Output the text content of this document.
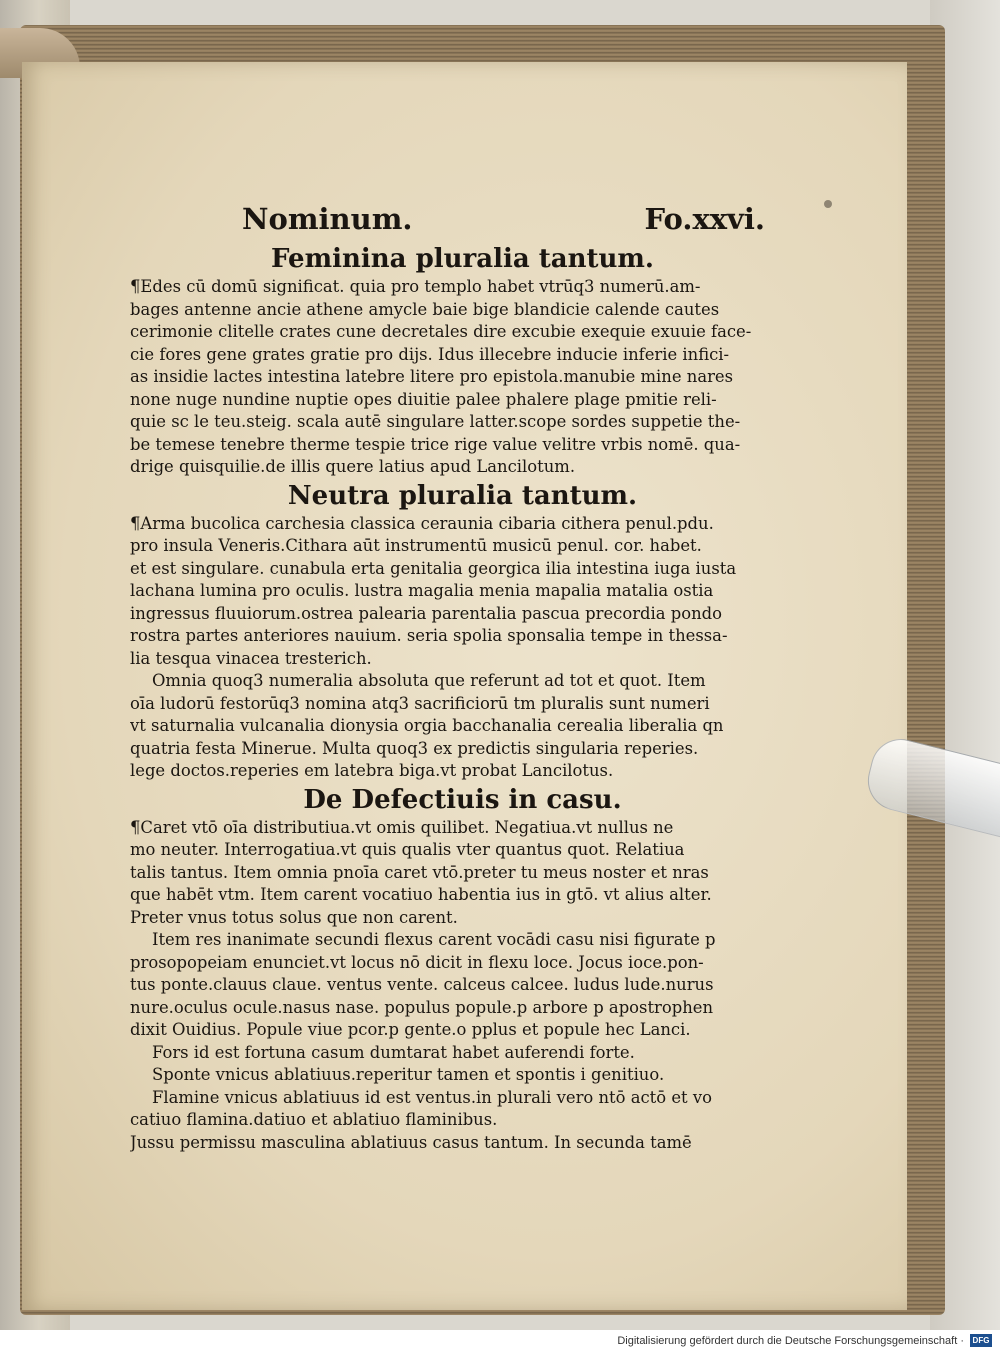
Nominum.	Fo.xxvi.
Feminina pluralia tantum.
¶Edes cū domū significat. quia pro templo habet vtrūq3 numerū.am-
bages antenne ancie athene amycle baie bige blandicie calende cautes
cerimonie clitelle crates cune decretales dire excubie exequie exuuie face-
cie fores gene grates gratie pro dijs. Idus illecebre inducie inferie infici-
as insidie lactes intestina latebre litere pro epistola.manubie mine nares
none nuge nundine nuptie opes diuitie palee phalere plage pmitie reli-
quie sc le teu.steig. scala autē singulare latter.scope sordes suppetie the-
be temese tenebre therme tespie trice rige value velitre vrbis nomē. qua-
drige quisquilie.de illis quere latius apud Lancilotum.
Neutra pluralia tantum.
¶Arma bucolica carchesia classica ceraunia cibaria cithera penul.pdu.
pro insula Veneris.Cithara aūt instrumentū musicū penul. cor. habet.
et est singulare. cunabula erta genitalia georgica ilia intestina iuga iusta
lachana lumina pro oculis. lustra magalia menia mapalia matalia ostia
ingressus fluuiorum.ostrea palearia parentalia pascua precordia pondo
rostra partes anteriores nauium. seria spolia sponsalia tempe in thessa-
lia tesqua vinacea tresterich.
Omnia quoq3 numeralia absoluta que referunt ad tot et quot. Item
oīa ludorū festorūq3 nomina atq3 sacrificiorū tm pluralis sunt numeri
vt saturnalia vulcanalia dionysia orgia bacchanalia cerealia liberalia qn
quatria festa Minerue. Multa quoq3 ex predictis singularia reperies.
lege doctos.reperies em latebra biga.vt probat Lancilotus.
De Defectiuis in casu.
¶Caret vtō oīa distributiua.vt omis quilibet. Negatiua.vt nullus ne
mo neuter. Interrogatiua.vt quis qualis vter quantus quot. Relatiua
talis tantus. Item omnia pnoīa caret vtō.preter tu meus noster et nras
que habēt vtm. Item carent vocatiuo habentia ius in gtō. vt alius alter.
Preter vnus totus solus que non carent.
Item res inanimate secundi flexus carent vocādi casu nisi figurate p
prosopopeiam enunciet.vt locus nō dicit in flexu loce. Jocus ioce.pon-
tus ponte.clauus claue. ventus vente. calceus calcee. ludus lude.nurus
nure.oculus ocule.nasus nase. populus popule.p arbore p apostrophen
dixit Ouidius. Popule viue pcor.p gente.o pplus et popule hec Lanci.
Fors id est fortuna casum dumtarat habet auferendi forte.
Sponte vnicus ablatiuus.reperitur tamen et spontis i genitiuo.
Flamine vnicus ablatiuus id est ventus.in plurali vero ntō actō et vo
catiuo flamina.datiuo et ablatiuo flaminibus.
Jussu permissu masculina ablatiuus casus tantum. In secunda tamē
Digitalisierung gefördert durch die Deutsche Forschungsgemeinschaft ·	DFG
